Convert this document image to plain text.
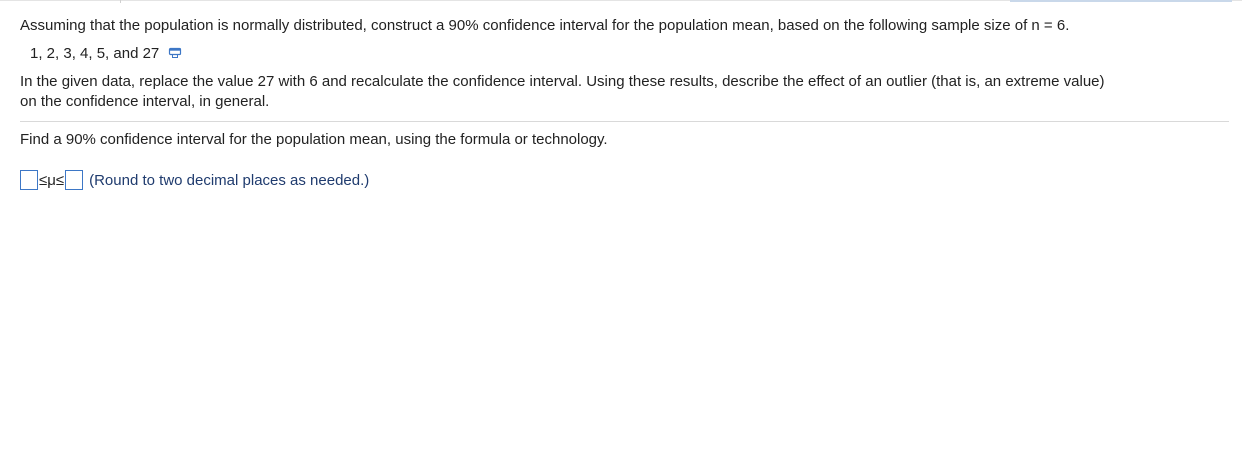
Assuming that the population is normally distributed, construct a 90% confidence interval for the population mean, based on the following sample size of n = 6.
1, 2, 3, 4, 5, and 27
In the given data, replace the value 27 with 6 and recalculate the confidence interval. Using these results, describe the effect of an outlier (that is, an extreme value)
on the confidence interval, in general.
Find a 90% confidence interval for the population mean, using the formula or technology.
≤μ≤ (Round to two decimal places as needed.)
